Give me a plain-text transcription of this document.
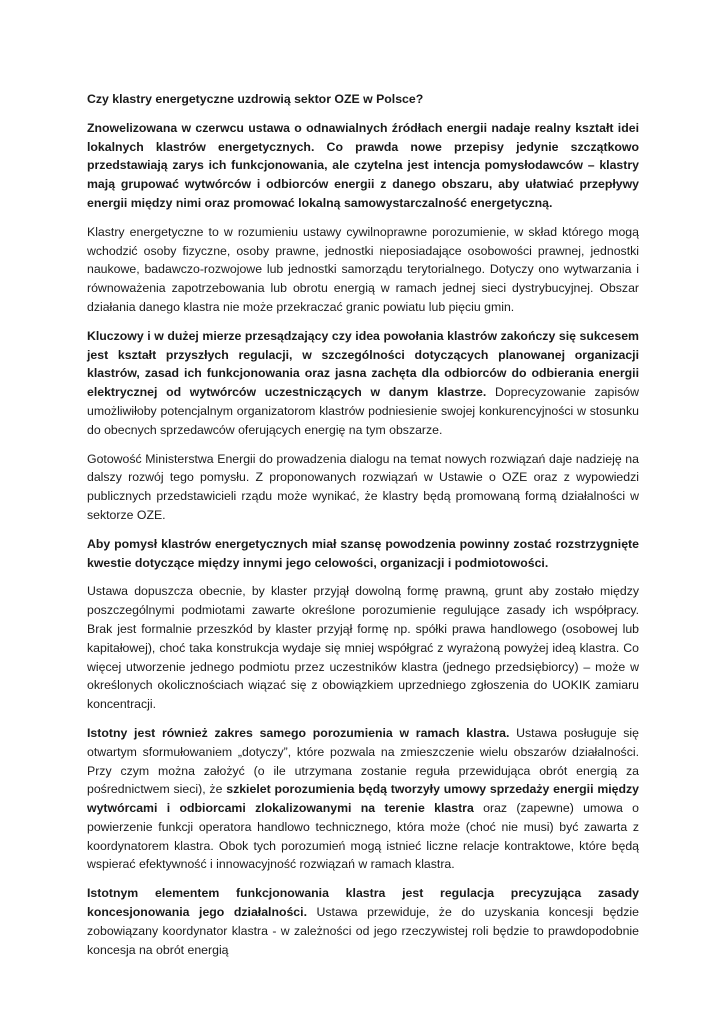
Czy klastry energetyczne uzdrowią sektor OZE w Polsce?

Znowelizowana w czerwcu ustawa o odnawialnych źródłach energii nadaje realny kształt idei lokalnych klastrów energetycznych. Co prawda nowe przepisy jedynie szczątkowo przedstawiają zarys ich funkcjonowania, ale czytelna jest intencja pomysłodawców – klastry mają grupować wytwórców i odbiorców energii z danego obszaru, aby ułatwiać przepływy energii między nimi oraz promować lokalną samowystarczalność energetyczną.

Klastry energetyczne to w rozumieniu ustawy cywilnoprawne porozumienie, w skład którego mogą wchodzić osoby fizyczne, osoby prawne, jednostki nieposiadające osobowości prawnej, jednostki naukowe, badawczo-rozwojowe lub jednostki samorządu terytorialnego. Dotyczy ono wytwarzania i równoważenia zapotrzebowania lub obrotu energią w ramach jednej sieci dystrybucyjnej. Obszar działania danego klastra nie może przekraczać granic powiatu lub pięciu gmin.

Kluczowy i w dużej mierze przesądzający czy idea powołania klastrów zakończy się sukcesem jest kształt przyszłych regulacji, w szczególności dotyczących planowanej organizacji klastrów, zasad ich funkcjonowania oraz jasna zachęta dla odbiorców do odbierania energii elektrycznej od wytwórców uczestniczących w danym klastrze. Doprecyzowanie zapisów umożliwiłoby potencjalnym organizatorom klastrów podniesienie swojej konkurencyjności w stosunku do obecnych sprzedawców oferujących energię na tym obszarze.

Gotowość Ministerstwa Energii do prowadzenia dialogu na temat nowych rozwiązań daje nadzieję na dalszy rozwój tego pomysłu. Z proponowanych rozwiązań w Ustawie o OZE oraz z wypowiedzi publicznych przedstawicieli rządu może wynikać, że klastry będą promowaną formą działalności w sektorze OZE.

Aby pomysł klastrów energetycznych miał szansę powodzenia powinny zostać rozstrzygnięte kwestie dotyczące między innymi jego celowości, organizacji i podmiotowości.

Ustawa dopuszcza obecnie, by klaster przyjął dowolną formę prawną, grunt aby zostało między poszczególnymi podmiotami zawarte określone porozumienie regulujące zasady ich współpracy. Brak jest formalnie przeszkód by klaster przyjął formę np. spółki prawa handlowego (osobowej lub kapitałowej), choć taka konstrukcja wydaje się mniej współgrać z wyrażoną powyżej ideą klastra. Co więcej utworzenie jednego podmiotu przez uczestników klastra (jednego przedsiębiorcy) – może w określonych okolicznościach wiązać się z obowiązkiem uprzedniego zgłoszenia do UOKIK zamiaru koncentracji.

Istotny jest również zakres samego porozumienia w ramach klastra. Ustawa posługuje się otwartym sformułowaniem „dotyczy”, które pozwala na zmieszczenie wielu obszarów działalności. Przy czym można założyć (o ile utrzymana zostanie reguła przewidująca obrót energią za pośrednictwem sieci), że szkielet porozumienia będą tworzyły umowy sprzedaży energii między wytwórcami i odbiorcami zlokalizowanymi na terenie klastra oraz (zapewne) umowa o powierzenie funkcji operatora handlowo technicznego, która może (choć nie musi) być zawarta z koordynatorem klastra. Obok tych porozumień mogą istnieć liczne relacje kontraktowe, które będą wspierać efektywność i innowacyjność rozwiązań w ramach klastra.

Istotnym elementem funkcjonowania klastra jest regulacja precyzująca zasady koncesjonowania jego działalności. Ustawa przewiduje, że do uzyskania koncesji będzie zobowiązany koordynator klastra - w zależności od jego rzeczywistej roli będzie to prawdopodobnie koncesja na obrót energią
